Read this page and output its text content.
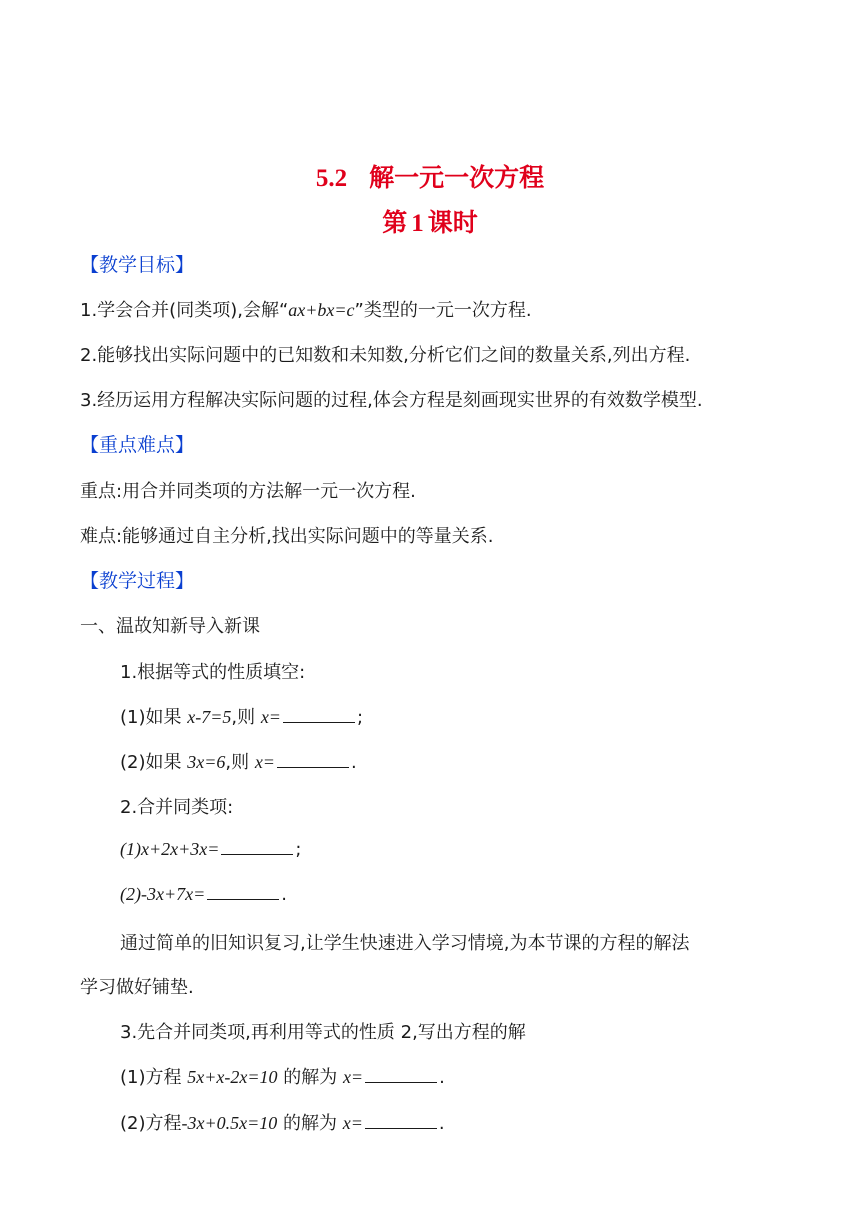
5.2 解一元一次方程
第 1 课时
【教学目标】
1.学会合并(同类项),会解“ax+bx=c”类型的一元一次方程.
2.能够找出实际问题中的已知数和未知数,分析它们之间的数量关系,列出方程.
3.经历运用方程解决实际问题的过程,体会方程是刻画现实世界的有效数学模型.
【重点难点】
重点:用合并同类项的方法解一元一次方程.
难点:能够通过自主分析,找出实际问题中的等量关系.
【教学过程】
一、温故知新导入新课
1.根据等式的性质填空:
(1)如果 x-7=5,则 x=	;
(2)如果 3x=6,则 x=	.
2.合并同类项:
(1)x+2x+3x=	;
(2)-3x+7x=	.
通过简单的旧知识复习,让学生快速进入学习情境,为本节课的方程的解法
学习做好铺垫.
3.先合并同类项,再利用等式的性质 2,写出方程的解
(1)方程 5x+x-2x=10 的解为 x=	.
(2)方程-3x+0.5x=10 的解为 x=	.
